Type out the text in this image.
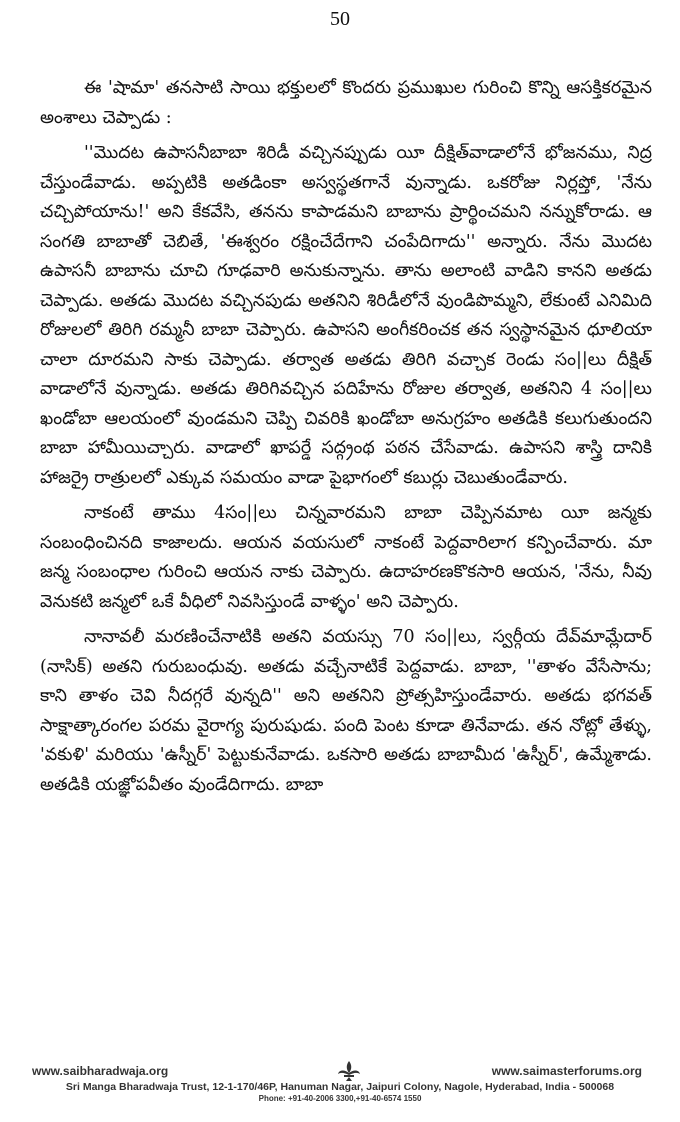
50

ఈ 'షామా' తనసాటి సాయి భక్తులలో కొందరు ప్రముఖుల గురించి కొన్ని ఆసక్తికరమైన అంశాలు చెప్పాడు :

''మొదట ఉపాసనీబాబా శిరిడీ వచ్చినప్పుడు యీ దీక్షిత్‌వాడాలోనే భోజనము, నిద్ర చేస్తుండేవాడు. అప్పటికి అతడింకా అస్వస్థతగానే వున్నాడు. ఒకరోజు నిర్లప్తో, 'నేను చచ్చిపోయాను!' అని కేకవేసి, తనను కాపాడమని బాబాను ప్రార్థించమని నన్నుకోరాడు. ఆ సంగతి బాబాతో చెబితే, 'ఈశ్వరం రక్షించేదేగాని చంపేదిగాదు'' అన్నారు. నేను మొదట ఉపాసనీ బాబాను చూచి గూఢవారి అనుకున్నాను. తాను అలాంటి వాడిని కానని అతడు చెప్పాడు. అతడు మొదట వచ్చినపుడు అతనిని శిరిడీలోనే వుండిపొమ్మని, లేకుంటే ఎనిమిది రోజులలో తిరిగి రమ్మనీ బాబా చెప్పారు. ఉపాసని అంగీకరించక తన స్వస్థానమైన ధూలియా చాలా దూరమని సాకు చెప్పాడు. తర్వాత అతడు తిరిగి వచ్చాక రెండు సం||లు దీక్షిత్ వాడాలోనే వున్నాడు. అతడు తిరిగివచ్చిన పదిహేను రోజుల తర్వాత, అతనిని 4 సం||లు ఖండోబా ఆలయంలో వుండమని చెప్పి చివరికి ఖండోబా అనుగ్రహం అతడికి కలుగుతుందని బాబా హామీయిచ్చారు. వాడాలో ఖాపర్డే సద్గ్రంథ పఠన చేసేవాడు. ఉపాసని శాస్త్రి దానికి హాజర్రై రాత్రులలో ఎక్కువ సమయం వాడా పైభాగంలో కబుర్లు చెబుతుండేవారు.

నాకంటే తాము 4సం||లు చిన్నవారమని బాబా చెప్పినమాట యీ జన్మకు సంబంధించినది కాజాలదు. ఆయన వయసులో నాకంటే పెద్దవారిలాగ కన్పించేవారు. మా జన్మ సంబంధాల గురించి ఆయన నాకు చెప్పారు. ఉదాహరణకొకసారి ఆయన, 'నేను, నీవు వెనుకటి జన్మలో ఒకే వీధిలో నివసిస్తుండే వాళ్ళం' అని చెప్పారు.

నానావలీ మరణించేనాటికి అతని వయస్సు 70 సం||లు, స్వర్గీయ దేవ్‌మామ్లేదార్ (నాసిక్) అతని గురుబంధువు. అతడు వచ్చేనాటికే పెద్దవాడు. బాబా, ''తాళం వేసేసాను; కాని తాళం చెవి నీదగ్గరే వున్నది'' అని అతనిని ప్రోత్సహిస్తుండేవారు. అతడు భగవత్ సాక్షాత్కారంగల పరమ వైరాగ్య పురుషుడు. పంది పెంట కూడా తినేవాడు. తన నోట్లో తేళ్ళు, 'వకుళి' మరియు 'ఉస్నీర్' పెట్టుకునేవాడు. ఒకసారి అతడు బాబామీద 'ఉస్నీర్', ఉమ్మేశాడు. అతడికి యజ్ఞోపవీతం వుండేదిగాదు. బాబా

www.saibharadwaja.org	www.saimasterforums.org
Sri Manga Bharadwaja Trust, 12-1-170/46P, Hanuman Nagar, Jaipuri Colony, Nagole, Hyderabad, India - 500068
Phone: +91-40-2006 3300,+91-40-6574 1550
